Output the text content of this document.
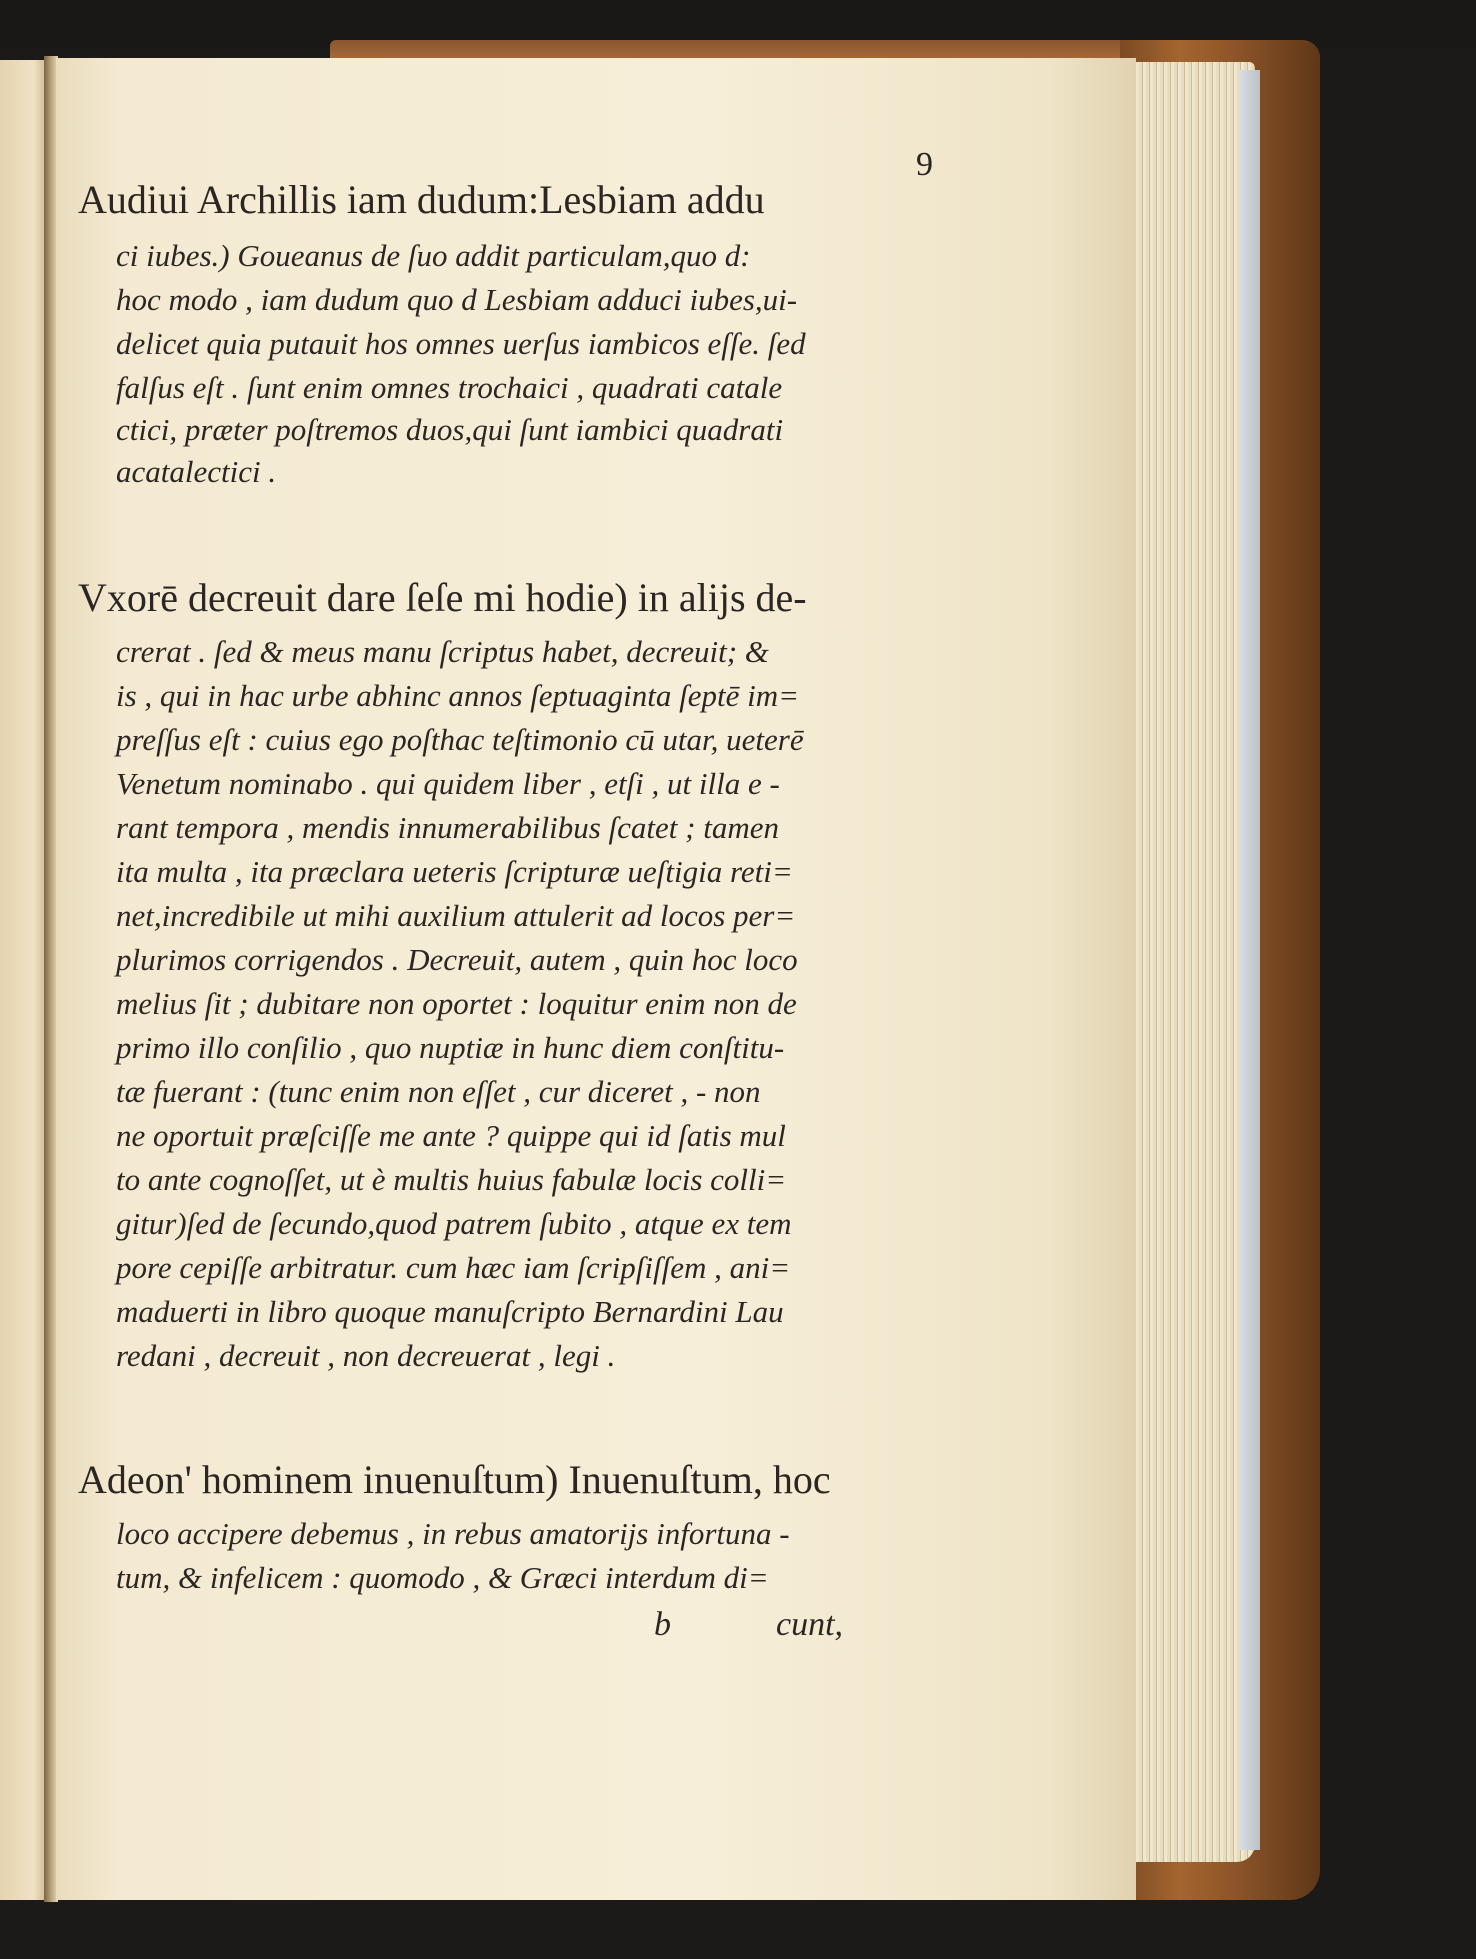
9
Audiui Archillis iam dudum:Lesbiam addu
ci iubes.) Goueanus de ſuo addit particulam,quo d:
hoc modo , iam dudum quo d Lesbiam adduci iubes,ui-
delicet quia putauit hos omnes uerſus iambicos eſſe. ſed
falſus eſt . ſunt enim omnes trochaici , quadrati catale
ctici, præter poſtremos duos,qui ſunt iambici quadrati
acatalectici .
Vxorē decreuit dare ſeſe mi hodie) in alijs de-
crerat . ſed & meus manu ſcriptus habet, decreuit; &
is , qui in hac urbe abhinc annos ſeptuaginta ſeptē im=
preſſus eſt : cuius ego poſthac teſtimonio cū utar, ueterē
Venetum nominabo . qui quidem liber , etſi , ut illa e -
rant tempora , mendis innumerabilibus ſcatet ; tamen
ita multa , ita præclara ueteris ſcripturæ ueſtigia reti=
net,incredibile ut mihi auxilium attulerit ad locos per=
plurimos corrigendos . Decreuit, autem , quin hoc loco
melius ſit ; dubitare non oportet : loquitur enim non de
primo illo conſilio , quo nuptiæ in hunc diem conſtitu-
tæ fuerant : (tunc enim non eſſet , cur diceret , - non
ne oportuit præſciſſe me ante ? quippe qui id ſatis mul
to ante cognoſſet, ut è multis huius fabulæ locis colli=
gitur)ſed de ſecundo,quod patrem ſubito , atque ex tem
pore cepiſſe arbitratur. cum hæc iam ſcripſiſſem , ani=
maduerti in libro quoque manuſcripto Bernardini Lau
redani , decreuit , non decreuerat , legi .
Adeon' hominem inuenuſtum) Inuenuſtum, hoc
loco accipere debemus , in rebus amatorijs infortuna -
tum, & infelicem : quomodo , & Græci interdum di=
b	cunt,
